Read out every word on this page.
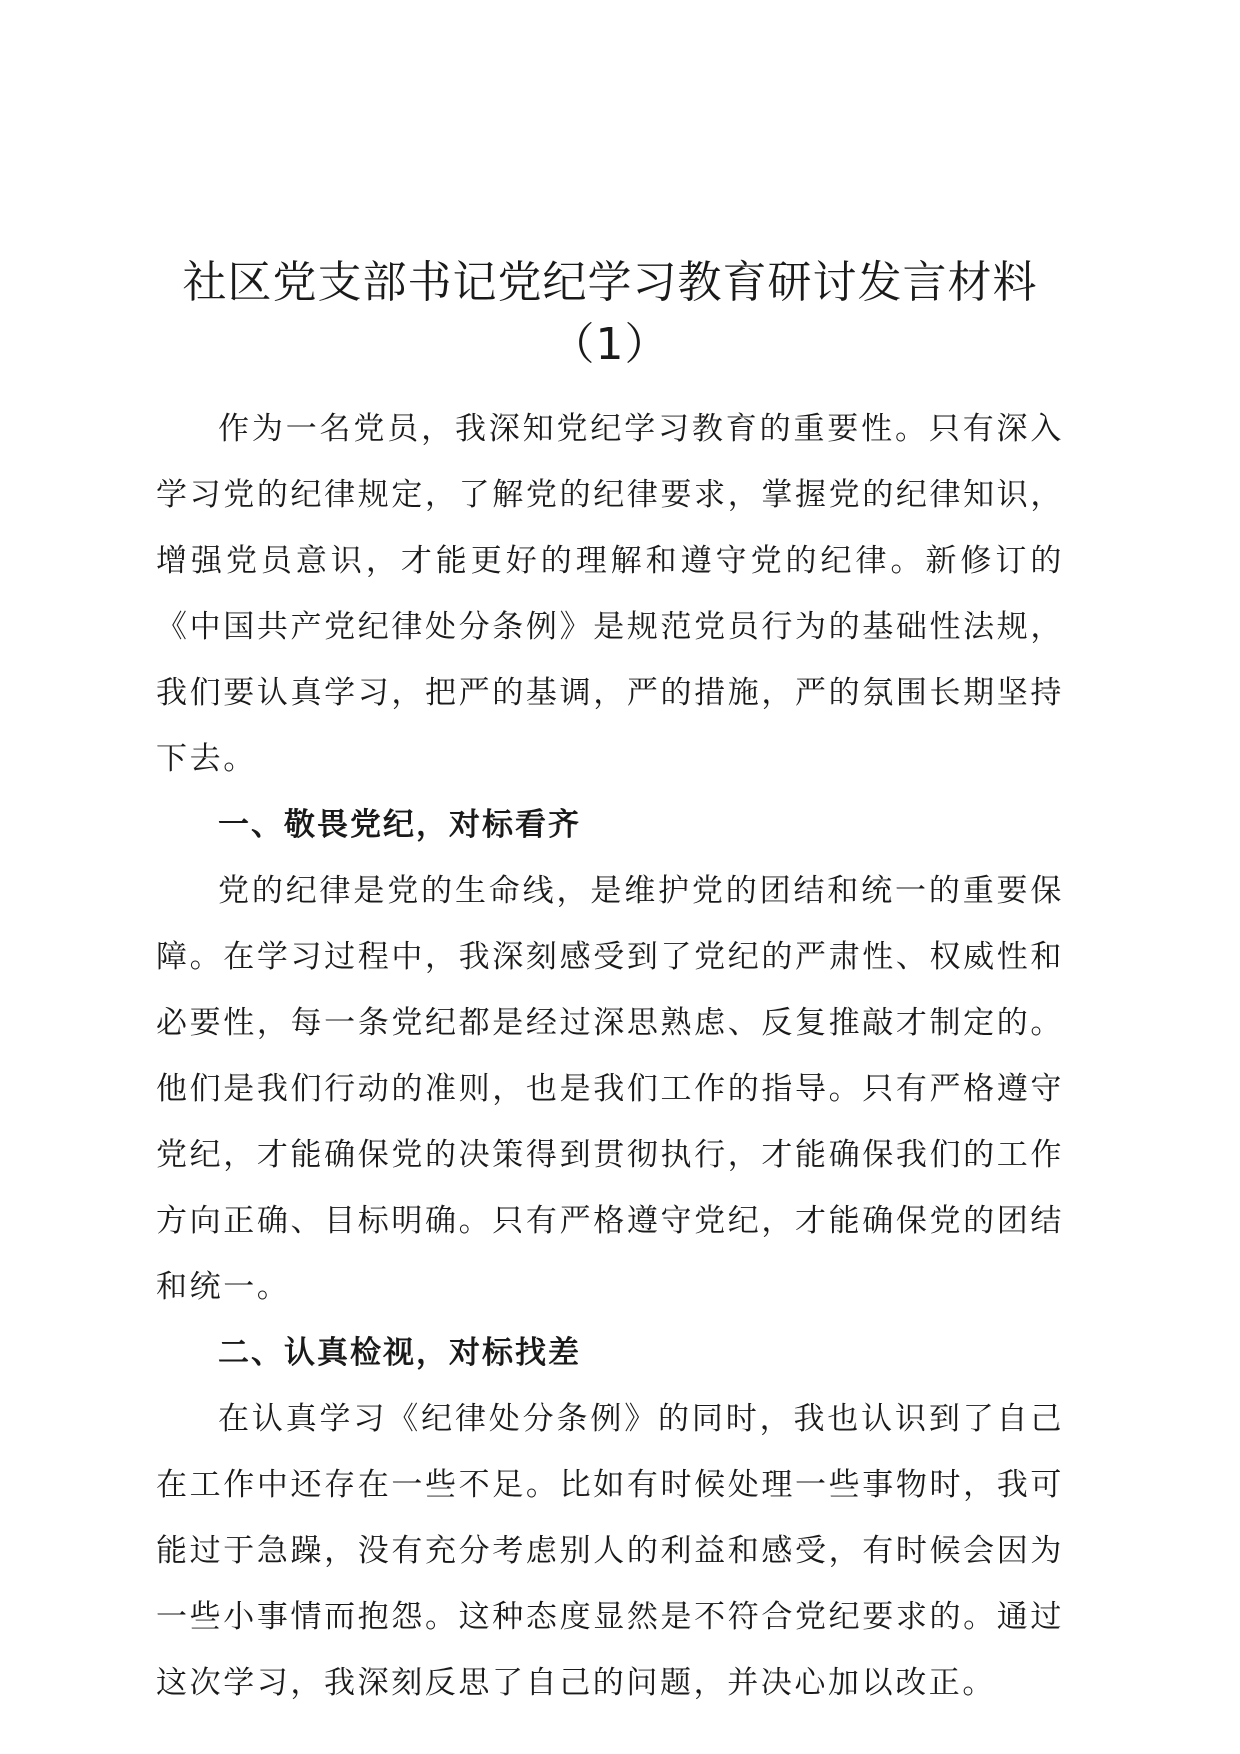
社区党支部书记党纪学习教育研讨发言材料
（1）

作为一名党员，我深知党纪学习教育的重要性。只有深入学习党的纪律规定，了解党的纪律要求，掌握党的纪律知识，增强党员意识，才能更好的理解和遵守党的纪律。新修订的《中国共产党纪律处分条例》是规范党员行为的基础性法规，我们要认真学习，把严的基调，严的措施，严的氛围长期坚持下去。

一、敬畏党纪，对标看齐

党的纪律是党的生命线，是维护党的团结和统一的重要保障。在学习过程中，我深刻感受到了党纪的严肃性、权威性和必要性，每一条党纪都是经过深思熟虑、反复推敲才制定的。他们是我们行动的准则，也是我们工作的指导。只有严格遵守党纪，才能确保党的决策得到贯彻执行，才能确保我们的工作方向正确、目标明确。只有严格遵守党纪，才能确保党的团结和统一。

二、认真检视，对标找差

在认真学习《纪律处分条例》的同时，我也认识到了自己在工作中还存在一些不足。比如有时候处理一些事物时，我可能过于急躁，没有充分考虑别人的利益和感受，有时候会因为一些小事情而抱怨。这种态度显然是不符合党纪要求的。通过这次学习，我深刻反思了自己的问题，并决心加以改正。
